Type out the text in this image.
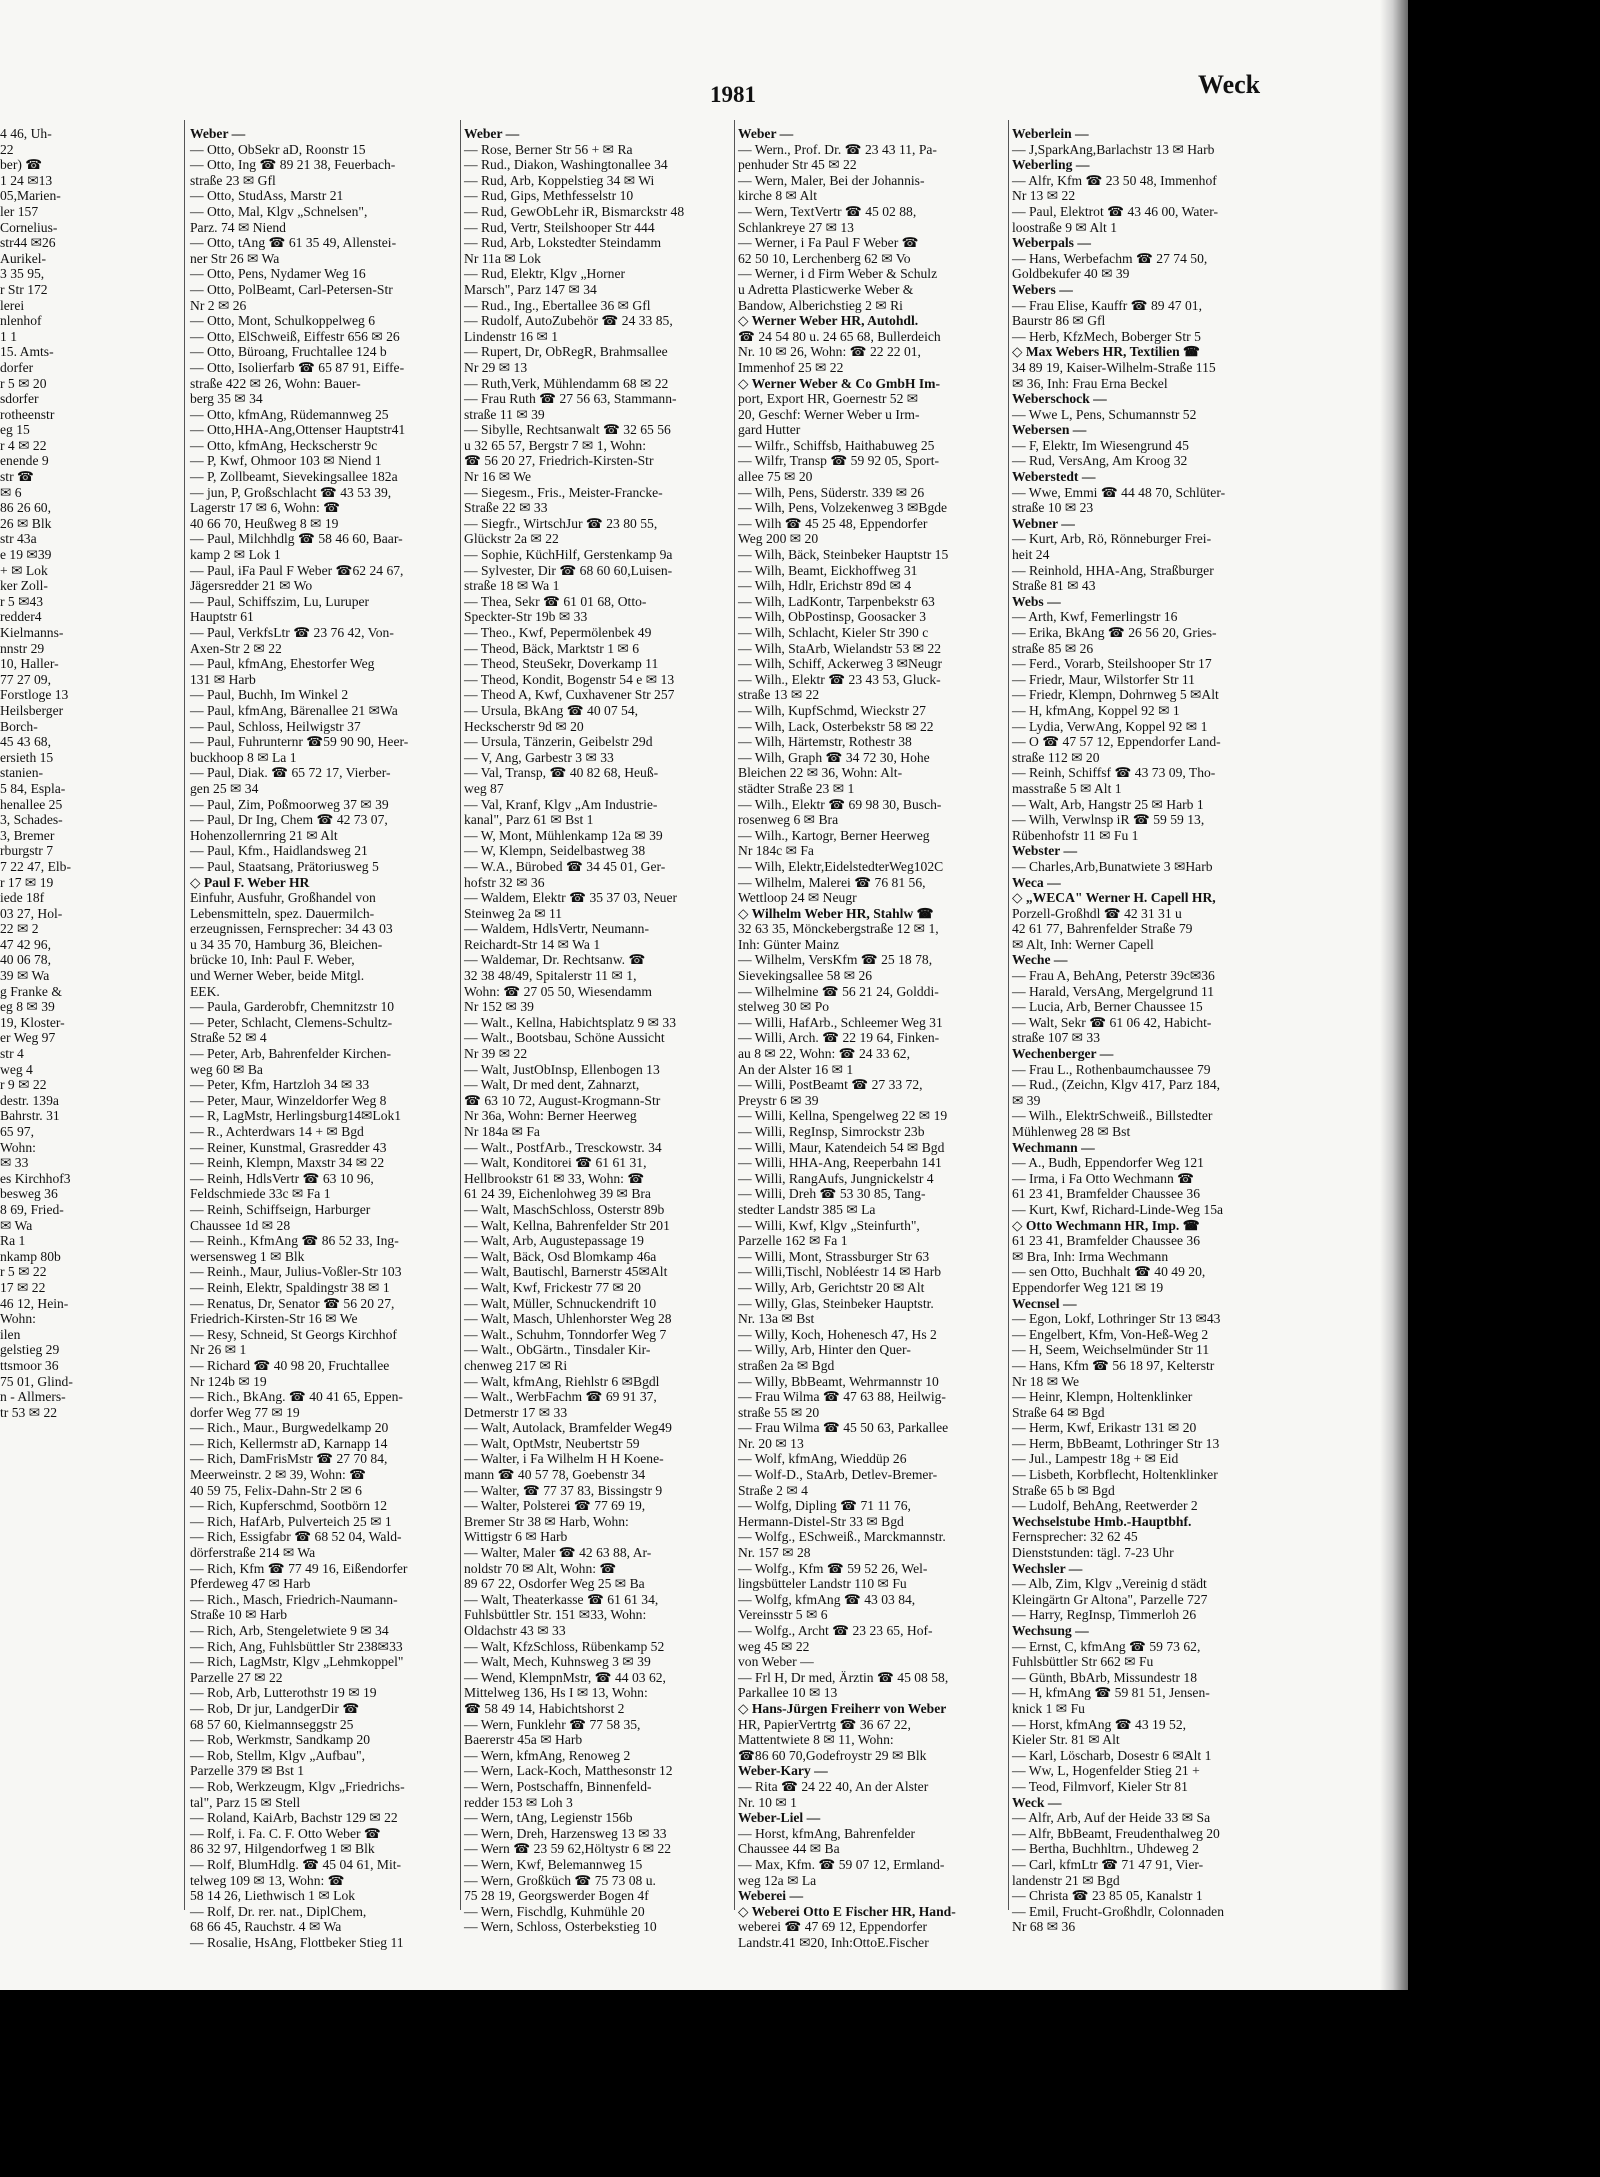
1981	Weck
4 46, Uh-
22
ber) ☎
1 24 ✉13
05,Marien-
ler 157
Cornelius-
str44 ✉26
Aurikel-
3 35 95,
r Str 172
lerei
nlenhof
1 1
15. Amts-
dorfer
r 5 ✉ 20
sdorfer
rotheenstr
eg 15
r 4 ✉ 22
enende 9
str ☎
✉ 6
86 26 60,
26 ✉ Blk
str 43a
e 19 ✉39
+ ✉ Lok
ker Zoll-
r 5 ✉43
redder4
Kielmanns-
nnstr 29
10, Haller-
77 27 09,
Forstloge 13
Heilsberger
Borch-
45 43 68,
ersieth 15
stanien-
5 84, Espla-
henallee 25
3, Schades-
3, Bremer
rburgstr 7
7 22 47, Elb-
r 17 ✉ 19
iede 18f
03 27, Hol-
22 ✉ 2
47 42 96,
40 06 78,
39 ✉ Wa
g Franke &
eg 8 ✉ 39
19, Kloster-
er Weg 97
str 4
weg 4
r 9 ✉ 22
destr. 139a
Bahrstr. 31
65 97,
Wohn:
✉ 33
es Kirchhof3
besweg 36
8 69, Fried-
✉ Wa
Ra 1
nkamp 80b
r 5 ✉ 22
17 ✉ 22
46 12, Hein-
Wohn:
ilen
gelstieg 29
ttsmoor 36
75 01, Glind-
n - Allmers-
tr 53 ✉ 22
Weber —
— Otto, ObSekr aD, Roonstr 15
— Otto, Ing ☎ 89 21 38, Feuerbach-
straße 23 ✉ Gfl
— Otto, StudAss, Marstr 21
— Otto, Mal, Klgv „Schnelsen",
Parz. 74 ✉ Niend
— Otto, tAng ☎ 61 35 49, Allenstei-
ner Str 26 ✉ Wa
— Otto, Pens, Nydamer Weg 16
— Otto, PolBeamt, Carl-Petersen-Str
Nr 2 ✉ 26
— Otto, Mont, Schulkoppelweg 6
— Otto, ElSchweiß, Eiffestr 656 ✉ 26
— Otto, Büroang, Fruchtallee 124 b
— Otto, Isolierfarb ☎ 65 87 91, Eiffe-
straße 422 ✉ 26, Wohn: Bauer-
berg 35 ✉ 34
— Otto, kfmAng, Rüdemannweg 25
— Otto,HHA-Ang,Ottenser Hauptstr41
— Otto, kfmAng, Heckscherstr 9c
— P, Kwf, Ohmoor 103 ✉ Niend 1
— P, Zollbeamt, Sievekingsallee 182a
— jun, P, Großschlacht ☎ 43 53 39,
Lagerstr 17 ✉ 6, Wohn: ☎
40 66 70, Heußweg 8 ✉ 19
— Paul, Milchhdlg ☎ 58 46 60, Baar-
kamp 2 ✉ Lok 1
— Paul, iFa Paul F Weber ☎62 24 67,
Jägersredder 21 ✉ Wo
— Paul, Schiffszim, Lu, Luruper
Hauptstr 61
— Paul, VerkfsLtr ☎ 23 76 42, Von-
Axen-Str 2 ✉ 22
— Paul, kfmAng, Ehestorfer Weg
131 ✉ Harb
— Paul, Buchh, Im Winkel 2
— Paul, kfmAng, Bärenallee 21 ✉Wa
— Paul, Schloss, Heilwigstr 37
— Paul, Fuhrunternr ☎59 90 90, Heer-
buckhoop 8 ✉ La 1
— Paul, Diak. ☎ 65 72 17, Vierber-
gen 25 ✉ 34
— Paul, Zim, Poßmoorweg 37 ✉ 39
— Paul, Dr Ing, Chem ☎ 42 73 07,
Hohenzollernring 21 ✉ Alt
— Paul, Kfm., Haidlandsweg 21
— Paul, Staatsang, Prätoriusweg 5
◇ Paul F. Weber HR
Einfuhr, Ausfuhr, Großhandel von
Lebensmitteln, spez. Dauermilch-
erzeugnissen, Fernsprecher: 34 43 03
u 34 35 70, Hamburg 36, Bleichen-
brücke 10, Inh: Paul F. Weber,
und Werner Weber, beide Mitgl.
EEK.
— Paula, Garderobfr, Chemnitzstr 10
— Peter, Schlacht, Clemens-Schultz-
Straße 52 ✉ 4
— Peter, Arb, Bahrenfelder Kirchen-
weg 60 ✉ Ba
— Peter, Kfm, Hartzloh 34 ✉ 33
— Peter, Maur, Winzeldorfer Weg 8
— R, LagMstr, Herlingsburg14✉Lok1
— R., Achterdwars 14 + ✉ Bgd
— Reiner, Kunstmal, Grasredder 43
— Reinh, Klempn, Maxstr 34 ✉ 22
— Reinh, HdlsVertr ☎ 63 10 96,
Feldschmiede 33c ✉ Fa 1
— Reinh, Schiffseign, Harburger
Chaussee 1d ✉ 28
— Reinh., KfmAng ☎ 86 52 33, Ing-
wersensweg 1 ✉ Blk
— Reinh., Maur, Julius-Voßler-Str 103
— Reinh, Elektr, Spaldingstr 38 ✉ 1
— Renatus, Dr, Senator ☎ 56 20 27,
Friedrich-Kirsten-Str 16 ✉ We
— Resy, Schneid, St Georgs Kirchhof
Nr 26 ✉ 1
— Richard ☎ 40 98 20, Fruchtallee
Nr 124b ✉ 19
— Rich., BkAng. ☎ 40 41 65, Eppen-
dorfer Weg 77 ✉ 19
— Rich., Maur., Burgwedelkamp 20
— Rich, Kellermstr aD, Karnapp 14
— Rich, DamFrisMstr ☎ 27 70 84,
Meerweinstr. 2 ✉ 39, Wohn: ☎
40 59 75, Felix-Dahn-Str 2 ✉ 6
— Rich, Kupferschmd, Sootbörn 12
— Rich, HafArb, Pulverteich 25 ✉ 1
— Rich, Essigfabr ☎ 68 52 04, Wald-
dörferstraße 214 ✉ Wa
— Rich, Kfm ☎ 77 49 16, Eißendorfer
Pferdeweg 47 ✉ Harb
— Rich., Masch, Friedrich-Naumann-
Straße 10 ✉ Harb
— Rich, Arb, Stengeletwiete 9 ✉ 34
— Rich, Ang, Fuhlsbüttler Str 238✉33
— Rich, LagMstr, Klgv „Lehmkoppel"
Parzelle 27 ✉ 22
— Rob, Arb, Lutterothstr 19 ✉ 19
— Rob, Dr jur, LandgerDir ☎
68 57 60, Kielmannseggstr 25
— Rob, Werkmstr, Sandkamp 20
— Rob, Stellm, Klgv „Aufbau",
Parzelle 379 ✉ Bst 1
— Rob, Werkzeugm, Klgv „Friedrichs-
tal", Parz 15 ✉ Stell
— Roland, KaiArb, Bachstr 129 ✉ 22
— Rolf, i. Fa. C. F. Otto Weber ☎
86 32 97, Hilgendorfweg 1 ✉ Blk
— Rolf, BlumHdlg. ☎ 45 04 61, Mit-
telweg 109 ✉ 13, Wohn: ☎
58 14 26, Liethwisch 1 ✉ Lok
— Rolf, Dr. rer. nat., DiplChem,
68 66 45, Rauchstr. 4 ✉ Wa
— Rosalie, HsAng, Flottbeker Stieg 11
Weber —
— Rose, Berner Str 56 + ✉ Ra
— Rud., Diakon, Washingtonallee 34
— Rud, Arb, Koppelstieg 34 ✉ Wi
— Rud, Gips, Methfesselstr 10
— Rud, GewObLehr iR, Bismarckstr 48
— Rud, Vertr, Steilshooper Str 444
— Rud, Arb, Lokstedter Steindamm
Nr 11a ✉ Lok
— Rud, Elektr, Klgv „Horner
Marsch", Parz 147 ✉ 34
— Rud., Ing., Ebertallee 36 ✉ Gfl
— Rudolf, AutoZubehör ☎ 24 33 85,
Lindenstr 16 ✉ 1
— Rupert, Dr, ObRegR, Brahmsallee
Nr 29 ✉ 13
— Ruth,Verk, Mühlendamm 68 ✉ 22
— Frau Ruth ☎ 27 56 63, Stammann-
straße 11 ✉ 39
— Sibylle, Rechtsanwalt ☎ 32 65 56
u 32 65 57, Bergstr 7 ✉ 1, Wohn:
☎ 56 20 27, Friedrich-Kirsten-Str
Nr 16 ✉ We
— Siegesm., Fris., Meister-Francke-
Straße 22 ✉ 33
— Siegfr., WirtschJur ☎ 23 80 55,
Glückstr 2a ✉ 22
— Sophie, KüchHilf, Gerstenkamp 9a
— Sylvester, Dir ☎ 68 60 60,Luisen-
straße 18 ✉ Wa 1
— Thea, Sekr ☎ 61 01 68, Otto-
Speckter-Str 19b ✉ 33
— Theo., Kwf, Pepermölenbek 49
— Theod, Bäck, Marktstr 1 ✉ 6
— Theod, SteuSekr, Doverkamp 11
— Theod, Kondit, Bogenstr 54 e ✉ 13
— Theod A, Kwf, Cuxhavener Str 257
— Ursula, BkAng ☎ 40 07 54,
Heckscherstr 9d ✉ 20
— Ursula, Tänzerin, Geibelstr 29d
— V, Ang, Garbestr 3 ✉ 33
— Val, Transp, ☎ 40 82 68, Heuß-
weg 87
— Val, Kranf, Klgv „Am Industrie-
kanal", Parz 61 ✉ Bst 1
— W, Mont, Mühlenkamp 12a ✉ 39
— W, Klempn, Seidelbastweg 38
— W.A., Bürobed ☎ 34 45 01, Ger-
hofstr 32 ✉ 36
— Waldem, Elektr ☎ 35 37 03, Neuer
Steinweg 2a ✉ 11
— Waldem, HdlsVertr, Neumann-
Reichardt-Str 14 ✉ Wa 1
— Waldemar, Dr. Rechtsanw. ☎
32 38 48/49, Spitalerstr 11 ✉ 1,
Wohn: ☎ 27 05 50, Wiesendamm
Nr 152 ✉ 39
— Walt., Kellna, Habichtsplatz 9 ✉ 33
— Walt., Bootsbau, Schöne Aussicht
Nr 39 ✉ 22
— Walt, JustObInsp, Ellenbogen 13
— Walt, Dr med dent, Zahnarzt,
☎ 63 10 72, August-Krogmann-Str
Nr 36a, Wohn: Berner Heerweg
Nr 184a ✉ Fa
— Walt., PostfArb., Tresckowstr. 34
— Walt, Konditorei ☎ 61 61 31,
Hellbrookstr 61 ✉ 33, Wohn: ☎
61 24 39, Eichenlohweg 39 ✉ Bra
— Walt, MaschSchloss, Osterstr 89b
— Walt, Kellna, Bahrenfelder Str 201
— Walt, Arb, Augustepassage 19
— Walt, Bäck, Osd Blomkamp 46a
— Walt, Bautischl, Barnerstr 45✉Alt
— Walt, Kwf, Frickestr 77 ✉ 20
— Walt, Müller, Schnuckendrift 10
— Walt, Masch, Uhlenhorster Weg 28
— Walt., Schuhm, Tonndorfer Weg 7
— Walt., ObGärtn., Tinsdaler Kir-
chenweg 217 ✉ Ri
— Walt, kfmAng, Riehlstr 6 ✉Bgdl
— Walt., WerbFachm ☎ 69 91 37,
Detmerstr 17 ✉ 33
— Walt, Autolack, Bramfelder Weg49
— Walt, OptMstr, Neubertstr 59
— Walter, i Fa Wilhelm H H Koene-
mann ☎ 40 57 78, Goebenstr 34
— Walter, ☎ 77 37 83, Bissingstr 9
— Walter, Polsterei ☎ 77 69 19,
Bremer Str 38 ✉ Harb, Wohn:
Wittigstr 6 ✉ Harb
— Walter, Maler ☎ 42 63 88, Ar-
noldstr 70 ✉ Alt, Wohn: ☎
89 67 22, Osdorfer Weg 25 ✉ Ba
— Walt, Theaterkasse ☎ 61 61 34,
Fuhlsbüttler Str. 151 ✉33, Wohn:
Oldachstr 43 ✉ 33
— Walt, KfzSchloss, Rübenkamp 52
— Walt, Mech, Kuhnsweg 3 ✉ 39
— Wend, KlempnMstr, ☎ 44 03 62,
Mittelweg 136, Hs I ✉ 13, Wohn:
☎ 58 49 14, Habichtshorst 2
— Wern, Funklehr ☎ 77 58 35,
Baererstr 45a ✉ Harb
— Wern, kfmAng, Renoweg 2
— Wern, Lack-Koch, Matthesonstr 12
— Wern, Postschaffn, Binnenfeld-
redder 153 ✉ Loh 3
— Wern, tAng, Legienstr 156b
— Wern, Dreh, Harzensweg 13 ✉ 33
— Wern ☎ 23 59 62,Höltystr 6 ✉ 22
— Wern, Kwf, Belemannweg 15
— Wern, Großküch ☎ 75 73 08 u.
75 28 19, Georgswerder Bogen 4f
— Wern, Fischdlg, Kuhmühle 20
— Wern, Schloss, Osterbekstieg 10
Weber —
— Wern., Prof. Dr. ☎ 23 43 11, Pa-
penhuder Str 45 ✉ 22
— Wern, Maler, Bei der Johannis-
kirche 8 ✉ Alt
— Wern, TextVertr ☎ 45 02 88,
Schlankreye 27 ✉ 13
— Werner, i Fa Paul F Weber ☎
62 50 10, Lerchenberg 62 ✉ Vo
— Werner, i d Firm Weber & Schulz
u Adretta Plasticwerke Weber &
Bandow, Alberichstieg 2 ✉ Ri
◇ Werner Weber HR, Autohdl.
☎ 24 54 80 u. 24 65 68, Bullerdeich
Nr. 10 ✉ 26, Wohn: ☎ 22 22 01,
Immenhof 25 ✉ 22
◇ Werner Weber & Co GmbH Im-
port, Export HR, Goernestr 52 ✉
20, Geschf: Werner Weber u Irm-
gard Hutter
— Wilfr., Schiffsb, Haithabuweg 25
— Wilfr, Transp ☎ 59 92 05, Sport-
allee 75 ✉ 20
— Wilh, Pens, Süderstr. 339 ✉ 26
— Wilh, Pens, Volzekenweg 3 ✉Bgde
— Wilh ☎ 45 25 48, Eppendorfer
Weg 200 ✉ 20
— Wilh, Bäck, Steinbeker Hauptstr 15
— Wilh, Beamt, Eickhoffweg 31
— Wilh, Hdlr, Erichstr 89d ✉ 4
— Wilh, LadKontr, Tarpenbekstr 63
— Wilh, ObPostinsp, Goosacker 3
— Wilh, Schlacht, Kieler Str 390 c
— Wilh, StaArb, Wielandstr 53 ✉ 22
— Wilh, Schiff, Ackerweg 3 ✉Neugr
— Wilh., Elektr ☎ 23 43 53, Gluck-
straße 13 ✉ 22
— Wilh, KupfSchmd, Wieckstr 27
— Wilh, Lack, Osterbekstr 58 ✉ 22
— Wilh, Härtemstr, Rothestr 38
— Wilh, Graph ☎ 34 72 30, Hohe
Bleichen 22 ✉ 36, Wohn: Alt-
städter Straße 23 ✉ 1
— Wilh., Elektr ☎ 69 98 30, Busch-
rosenweg 6 ✉ Bra
— Wilh., Kartogr, Berner Heerweg
Nr 184c ✉ Fa
— Wilh, Elektr,EidelstedterWeg102C
— Wilhelm, Malerei ☎ 76 81 56,
Wettloop 24 ✉ Neugr
◇ Wilhelm Weber HR, Stahlw ☎
32 63 35, Mönckebergstraße 12 ✉ 1,
Inh: Günter Mainz
— Wilhelm, VersKfm ☎ 25 18 78,
Sievekingsallee 58 ✉ 26
— Wilhelmine ☎ 56 21 24, Golddi-
stelweg 30 ✉ Po
— Willi, HafArb., Schleemer Weg 31
— Willi, Arch. ☎ 22 19 64, Finken-
au 8 ✉ 22, Wohn: ☎ 24 33 62,
An der Alster 16 ✉ 1
— Willi, PostBeamt ☎ 27 33 72,
Preystr 6 ✉ 39
— Willi, Kellna, Spengelweg 22 ✉ 19
— Willi, RegInsp, Simrockstr 23b
— Willi, Maur, Katendeich 54 ✉ Bgd
— Willi, HHA-Ang, Reeperbahn 141
— Willi, RangAufs, Jungnickelstr 4
— Willi, Dreh ☎ 53 30 85, Tang-
stedter Landstr 385 ✉ La
— Willi, Kwf, Klgv „Steinfurth",
Parzelle 162 ✉ Fa 1
— Willi, Mont, Strassburger Str 63
— Willi,Tischl, Nobléestr 14 ✉ Harb
— Willy, Arb, Gerichtstr 20 ✉ Alt
— Willy, Glas, Steinbeker Hauptstr.
Nr. 13a ✉ Bst
— Willy, Koch, Hohenesch 47, Hs 2
— Willy, Arb, Hinter den Quer-
straßen 2a ✉ Bgd
— Willy, BbBeamt, Wehrmannstr 10
— Frau Wilma ☎ 47 63 88, Heilwig-
straße 55 ✉ 20
— Frau Wilma ☎ 45 50 63, Parkallee
Nr. 20 ✉ 13
— Wolf, kfmAng, Wieddüp 26
— Wolf-D., StaArb, Detlev-Bremer-
Straße 2 ✉ 4
— Wolfg, Dipling ☎ 71 11 76,
Hermann-Distel-Str 33 ✉ Bgd
— Wolfg., ESchweiß., Marckmannstr.
Nr. 157 ✉ 28
— Wolfg., Kfm ☎ 59 52 26, Wel-
lingsbütteler Landstr 110 ✉ Fu
— Wolfg, kfmAng ☎ 43 03 84,
Vereinsstr 5 ✉ 6
— Wolfg., Archt ☎ 23 23 65, Hof-
weg 45 ✉ 22
von Weber —
— Frl H, Dr med, Ärztin ☎ 45 08 58,
Parkallee 10 ✉ 13
◇ Hans-Jürgen Freiherr von Weber
HR, PapierVertrtg ☎ 36 67 22,
Mattentwiete 8 ✉ 11, Wohn:
☎86 60 70,Godefroystr 29 ✉ Blk
Weber-Kary —
— Rita ☎ 24 22 40, An der Alster
Nr. 10 ✉ 1
Weber-Liel —
— Horst, kfmAng, Bahrenfelder
Chaussee 44 ✉ Ba
— Max, Kfm. ☎ 59 07 12, Ermland-
weg 12a ✉ La
Weberei —
◇ Weberei Otto E Fischer HR, Hand-
weberei ☎ 47 69 12, Eppendorfer
Landstr.41 ✉20, Inh:OttoE.Fischer
Weberlein —
— J,SparkAng,Barlachstr 13 ✉ Harb
Weberling —
— Alfr, Kfm ☎ 23 50 48, Immenhof
Nr 13 ✉ 22
— Paul, Elektrot ☎ 43 46 00, Water-
loostraße 9 ✉ Alt 1
Weberpals —
— Hans, Werbefachm ☎ 27 74 50,
Goldbekufer 40 ✉ 39
Webers —
— Frau Elise, Kauffr ☎ 89 47 01,
Baurstr 86 ✉ Gfl
— Herb, KfzMech, Boberger Str 5
◇ Max Webers HR, Textilien ☎
34 89 19, Kaiser-Wilhelm-Straße 115
✉ 36, Inh: Frau Erna Beckel
Weberschock —
— Wwe L, Pens, Schumannstr 52
Webersen —
— F, Elektr, Im Wiesengrund 45
— Rud, VersAng, Am Kroog 32
Weberstedt —
— Wwe, Emmi ☎ 44 48 70, Schlüter-
straße 10 ✉ 23
Webner —
— Kurt, Arb, Rö, Rönneburger Frei-
heit 24
— Reinhold, HHA-Ang, Straßburger
Straße 81 ✉ 43
Webs —
— Arth, Kwf, Femerlingstr 16
— Erika, BkAng ☎ 26 56 20, Gries-
straße 85 ✉ 26
— Ferd., Vorarb, Steilshooper Str 17
— Friedr, Maur, Wilstorfer Str 11
— Friedr, Klempn, Dohrnweg 5 ✉Alt
— H, kfmAng, Koppel 92 ✉ 1
— Lydia, VerwAng, Koppel 92 ✉ 1
— O ☎ 47 57 12, Eppendorfer Land-
straße 112 ✉ 20
— Reinh, Schiffsf ☎ 43 73 09, Tho-
masstraße 5 ✉ Alt 1
— Walt, Arb, Hangstr 25 ✉ Harb 1
— Wilh, Verwlnsp iR ☎ 59 59 13,
Rübenhofstr 11 ✉ Fu 1
Webster —
— Charles,Arb,Bunatwiete 3 ✉Harb
Weca —
◇ „WECA" Werner H. Capell HR,
Porzell-Großhdl ☎ 42 31 31 u
42 61 77, Bahrenfelder Straße 79
✉ Alt, Inh: Werner Capell
Weche —
— Frau A, BehAng, Peterstr 39c✉36
— Harald, VersAng, Mergelgrund 11
— Lucia, Arb, Berner Chaussee 15
— Walt, Sekr ☎ 61 06 42, Habicht-
straße 107 ✉ 33
Wechenberger —
— Frau L., Rothenbaumchaussee 79
— Rud., (Zeichn, Klgv 417, Parz 184,
✉ 39
— Wilh., ElektrSchweiß., Billstedter
Mühlenweg 28 ✉ Bst
Wechmann —
— A., Budh, Eppendorfer Weg 121
— Irma, i Fa Otto Wechmann ☎
61 23 41, Bramfelder Chaussee 36
— Kurt, Kwf, Richard-Linde-Weg 15a
◇ Otto Wechmann HR, Imp. ☎
61 23 41, Bramfelder Chaussee 36
✉ Bra, Inh: Irma Wechmann
— sen Otto, Buchhalt ☎ 40 49 20,
Eppendorfer Weg 121 ✉ 19
Wecnsel —
— Egon, Lokf, Lothringer Str 13 ✉43
— Engelbert, Kfm, Von-Heß-Weg 2
— H, Seem, Weichselmünder Str 11
— Hans, Kfm ☎ 56 18 97, Kelterstr
Nr 18 ✉ We
— Heinr, Klempn, Holtenklinker
Straße 64 ✉ Bgd
— Herm, Kwf, Erikastr 131 ✉ 20
— Herm, BbBeamt, Lothringer Str 13
— Jul., Lampestr 18g + ✉ Eid
— Lisbeth, Korbflecht, Holtenklinker
Straße 65 b ✉ Bgd
— Ludolf, BehAng, Reetwerder 2
Wechselstube Hmb.-Hauptbhf.
Fernsprecher: 32 62 45
Dienststunden: tägl. 7-23 Uhr
Wechsler —
— Alb, Zim, Klgv „Vereinig d städt
Kleingärtn Gr Altona", Parzelle 727
— Harry, RegInsp, Timmerloh 26
Wechsung —
— Ernst, C, kfmAng ☎ 59 73 62,
Fuhlsbüttler Str 662 ✉ Fu
— Günth, BbArb, Missundestr 18
— H, kfmAng ☎ 59 81 51, Jensen-
knick 1 ✉ Fu
— Horst, kfmAng ☎ 43 19 52,
Kieler Str. 81 ✉ Alt
— Karl, Löscharb, Dosestr 6 ✉Alt 1
— Ww, L, Hogenfelder Stieg 21 +
— Teod, Filmvorf, Kieler Str 81
Weck —
— Alfr, Arb, Auf der Heide 33 ✉ Sa
— Alfr, BbBeamt, Freudenthalweg 20
— Bertha, Buchhltrn., Uhdeweg 2
— Carl, kfmLtr ☎ 71 47 91, Vier-
landenstr 21 ✉ Bgd
— Christa ☎ 23 85 05, Kanalstr 1
— Emil, Frucht-Großhdlr, Colonnaden
Nr 68 ✉ 36
